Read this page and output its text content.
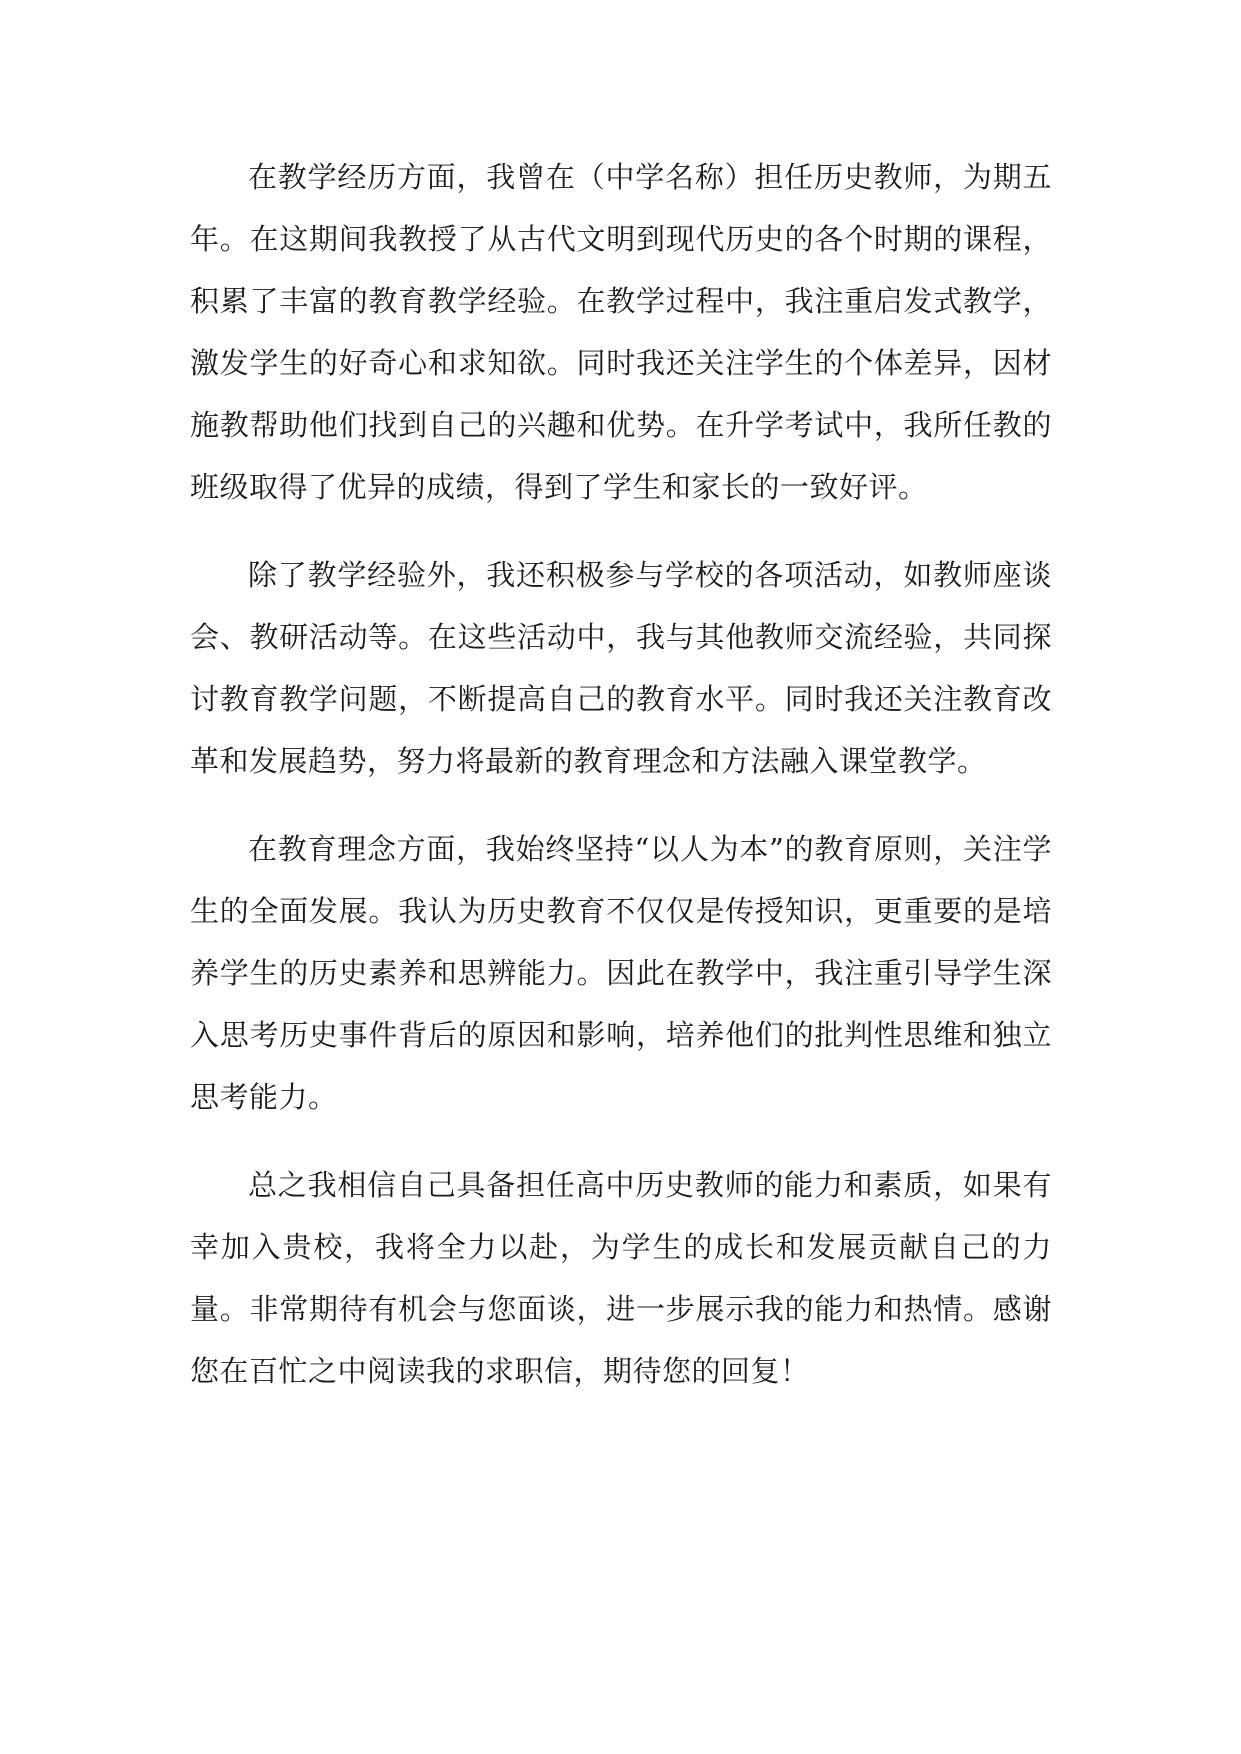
在教学经历方面，我曾在（中学名称）担任历史教师，为期五年。在这期间我教授了从古代文明到现代历史的各个时期的课程，积累了丰富的教育教学经验。在教学过程中，我注重启发式教学，激发学生的好奇心和求知欲。同时我还关注学生的个体差异，因材施教帮助他们找到自己的兴趣和优势。在升学考试中，我所任教的班级取得了优异的成绩，得到了学生和家长的一致好评。

除了教学经验外，我还积极参与学校的各项活动，如教师座谈会、教研活动等。在这些活动中，我与其他教师交流经验，共同探讨教育教学问题，不断提高自己的教育水平。同时我还关注教育改革和发展趋势，努力将最新的教育理念和方法融入课堂教学。

在教育理念方面，我始终坚持“以人为本”的教育原则，关注学生的全面发展。我认为历史教育不仅仅是传授知识，更重要的是培养学生的历史素养和思辨能力。因此在教学中，我注重引导学生深入思考历史事件背后的原因和影响，培养他们的批判性思维和独立思考能力。

总之我相信自己具备担任高中历史教师的能力和素质，如果有幸加入贵校，我将全力以赴，为学生的成长和发展贡献自己的力量。非常期待有机会与您面谈，进一步展示我的能力和热情。感谢您在百忙之中阅读我的求职信，期待您的回复！
